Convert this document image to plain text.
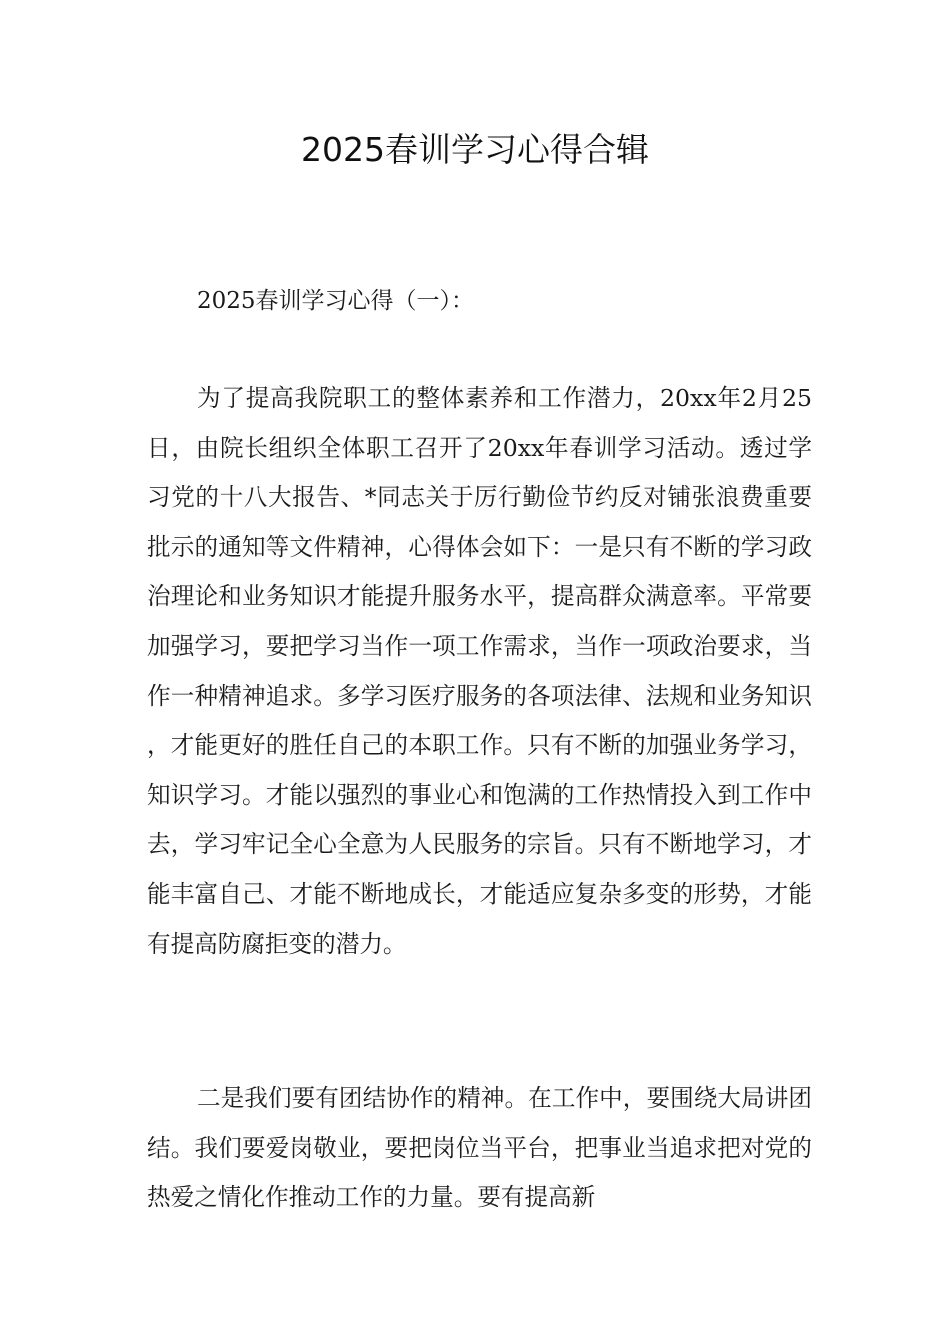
2025春训学习心得合辑

2025春训学习心得（一）：

为了提高我院职工的整体素养和工作潜力，20xx年2月25日，由院长组织全体职工召开了20xx年春训学习活动。透过学习党的十八大报告、*同志关于厉行勤俭节约反对铺张浪费重要批示的通知等文件精神，心得体会如下：一是只有不断的学习政治理论和业务知识才能提升服务水平，提高群众满意率。平常要加强学习，要把学习当作一项工作需求，当作一项政治要求，当作一种精神追求。多学习医疗服务的各项法律、法规和业务知识，才能更好的胜任自己的本职工作。只有不断的加强业务学习，知识学习。才能以强烈的事业心和饱满的工作热情投入到工作中去，学习牢记全心全意为人民服务的宗旨。只有不断地学习，才能丰富自己、才能不断地成长，才能适应复杂多变的形势，才能有提高防腐拒变的潜力。

二是我们要有团结协作的精神。在工作中，要围绕大局讲团结。我们要爱岗敬业，要把岗位当平台，把事业当追求把对党的热爱之情化作推动工作的力量。要有提高新
